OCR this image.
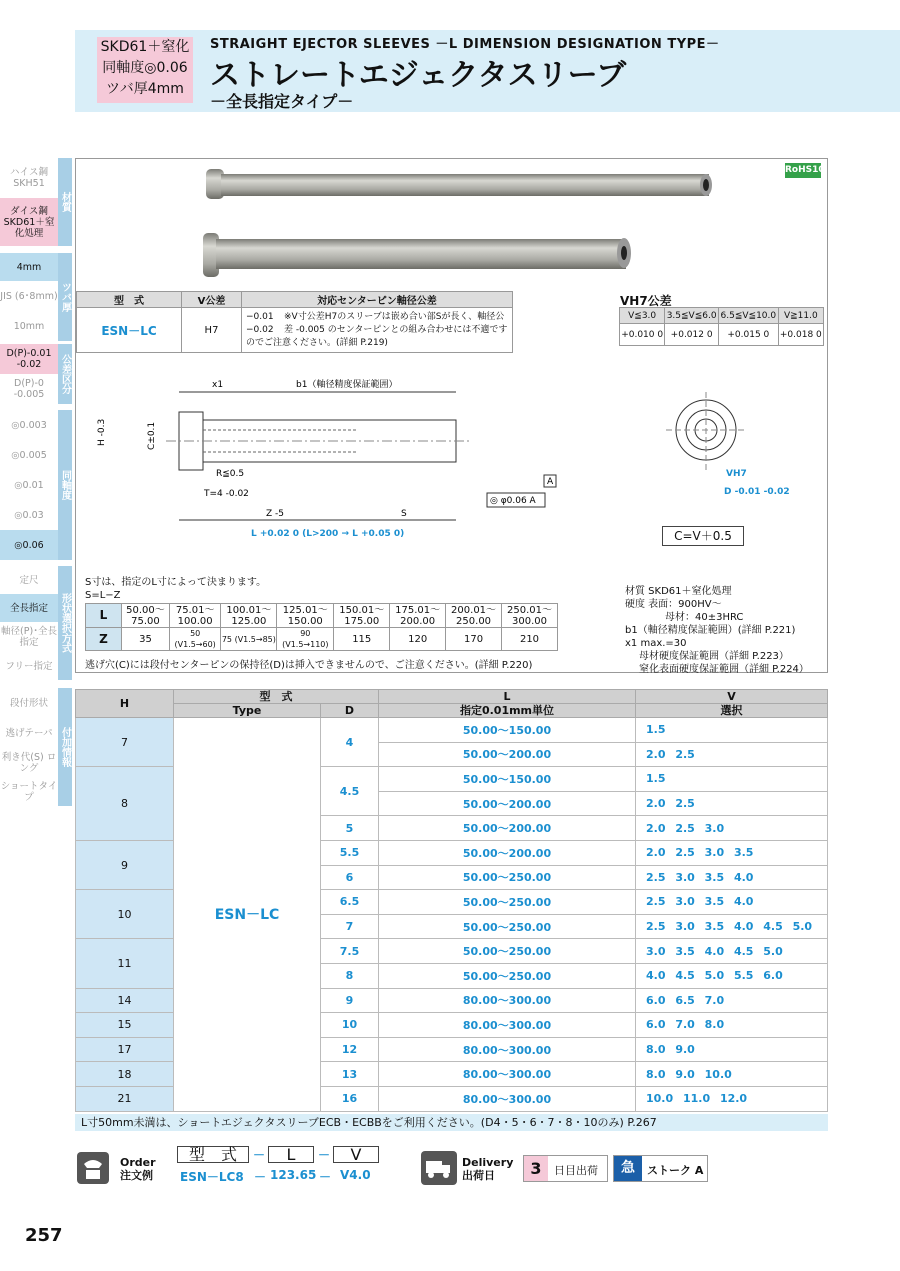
SKD61＋窒化
同軸度◎0.06
ツバ厚4mm
STRAIGHT EJECTOR SLEEVES －L DIMENSION DESIGNATION TYPE－
ストレートエジェクタスリーブ
－全長指定タイプ－
ハイス鋼 SKH51
ダイス鋼 SKD61＋窒化処理
4mm
JIS (6･8mm)
10mm
D(P)-0.01 -0.02
D(P)-0 -0.005
◎0.003
◎0.005
◎0.01
◎0.03
◎0.06
定尺
全長指定
軸径(P)･全長指定
フリー指定
段付形状
逃げテーパ
利き代(S) ロング
ショートタイプ
材質
ツバ厚
公差区分
同軸度
形状選択方式
付加情報
RoHS10
型　式	V公差	対応センターピン軸径公差
ESN－LC	H7	−0.01 −0.02
※V寸公差H7のスリーブは嵌め合い部Sが長く、軸径公差 -0.005 のセンターピンとの組み合わせには不適ですのでご注意ください。(詳細 P.219)
VH7公差
V≦3.0	3.5≦V≦6.0	6.5≦V≦10.0	V≧11.0
+0.010 0	+0.012 0	+0.015 0	+0.018 0
x1	b1（軸径精度保証範囲）
H -0.3	C±0.1
R≦0.5
T=4 -0.02
Z -5	S
L +0.02 0 (L>200 → L +0.05 0)
◎ φ0.06 A
A
VH7
D -0.01 -0.02
C=V＋0.5
S寸は、指定のL寸によって決まります。
S=L−Z
L	50.00〜 75.00	75.01〜 100.00	100.01〜 125.00	125.01〜 150.00	150.01〜 175.00	175.01〜 200.00	200.01〜 250.00	250.01〜 300.00
Z	35	50 (V1.5→60)	75 (V1.5→85)	90 (V1.5→110)	115	120	170	210
逃げ穴(C)には段付センターピンの保持径(D)は挿入できませんので、ご注意ください。(詳細 P.220)
材質 SKD61＋窒化処理
硬度 表面：900HV〜
母材：40±3HRC
b1（軸径精度保証範囲）(詳細 P.221)
x1 max.=30
母材硬度保証範囲（詳細 P.223）
窒化表面硬度保証範囲（詳細 P.224）
H	型　式		L	V
	Type	D	指定0.01mm単位	選択
7	ESN－LC	4	50.00〜150.00	1.5
			50.00〜200.00	2.0 2.5
8		4.5	50.00〜150.00	1.5
			50.00〜200.00	2.0 2.5
		5	50.00〜200.00	2.0 2.5 3.0
9		5.5	50.00〜200.00	2.0 2.5 3.0 3.5
		6	50.00〜250.00	2.5 3.0 3.5 4.0
10		6.5	50.00〜250.00	2.5 3.0 3.5 4.0
		7	50.00〜250.00	2.5 3.0 3.5 4.0 4.5 5.0
11		7.5	50.00〜250.00	3.0 3.5 4.0 4.5 5.0
		8	50.00〜250.00	4.0 4.5 5.0 5.5 6.0
14		9	80.00〜300.00	6.0 6.5 7.0
15		10	80.00〜300.00	6.0 7.0 8.0
17		12	80.00〜300.00	8.0 9.0
18		13	80.00〜300.00	8.0 9.0 10.0
21		16	80.00〜300.00	10.0 11.0 12.0
L寸50mm未満は、ショートエジェクタスリーブECB・ECBBをご利用ください。(D4・5・6・7・8・10のみ) P.267
Order
注文例
型　式	－	L	－	V
ESN－LC8 － 123.65 － V4.0
Delivery
出荷日	3	日目出荷	急	ストーク A
257
